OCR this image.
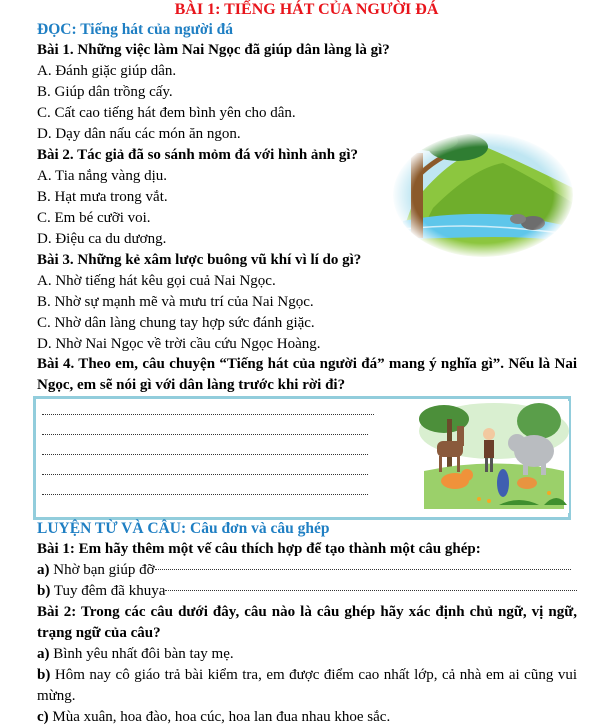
BÀI 1: TIẾNG HÁT CỦA NGƯỜI ĐÁ
ĐỌC: Tiếng hát của người đá
Bài 1. Những việc làm Nai Ngọc đã giúp dân làng là gì?
A. Đánh giặc giúp dân.
B. Giúp dân trồng cấy.
C. Cất cao tiếng hát đem bình yên cho dân.
D. Dạy dân nấu các món ăn ngon.
Bài 2. Tác giả đã so sánh mỏm đá với hình ảnh gì?
A. Tia nắng vàng dịu.
B. Hạt mưa trong vắt.
C. Em bé cưỡi voi.
D. Điệu ca du dương.
Bài 3. Những kẻ xâm lược buông vũ khí vì lí do gì?
A. Nhờ tiếng hát kêu gọi cuả Nai Ngọc.
B. Nhờ sự mạnh mẽ và mưu trí của Nai Ngọc.
C. Nhờ dân làng chung tay hợp sức đánh giặc.
D. Nhờ Nai Ngọc về trời cầu cứu Ngọc Hoàng.
Bài 4. Theo em, câu chuyện “Tiếng hát của người đá” mang ý nghĩa gì”. Nếu là Nai Ngọc, em sẽ nói gì với dân làng trước khi rời đi?
LUYỆN TỪ VÀ CÂU: Câu đơn và câu ghép
Bài 1: Em hãy thêm một vế câu thích hợp để tạo thành một câu ghép:
a) Nhờ bạn giúp đỡ
b) Tuy đêm đã khuya
Bài 2: Trong các câu dưới đây, câu nào là câu ghép hãy xác định chủ ngữ, vị ngữ, trạng ngữ của câu?
a) Bình yêu nhất đôi bàn tay mẹ.
b) Hôm nay cô giáo trả bài kiểm tra, em được điểm cao nhất lớp, cả nhà em ai cũng vui mừng.
c) Mùa xuân, hoa đào, hoa cúc, hoa lan đua nhau khoe sắc.
